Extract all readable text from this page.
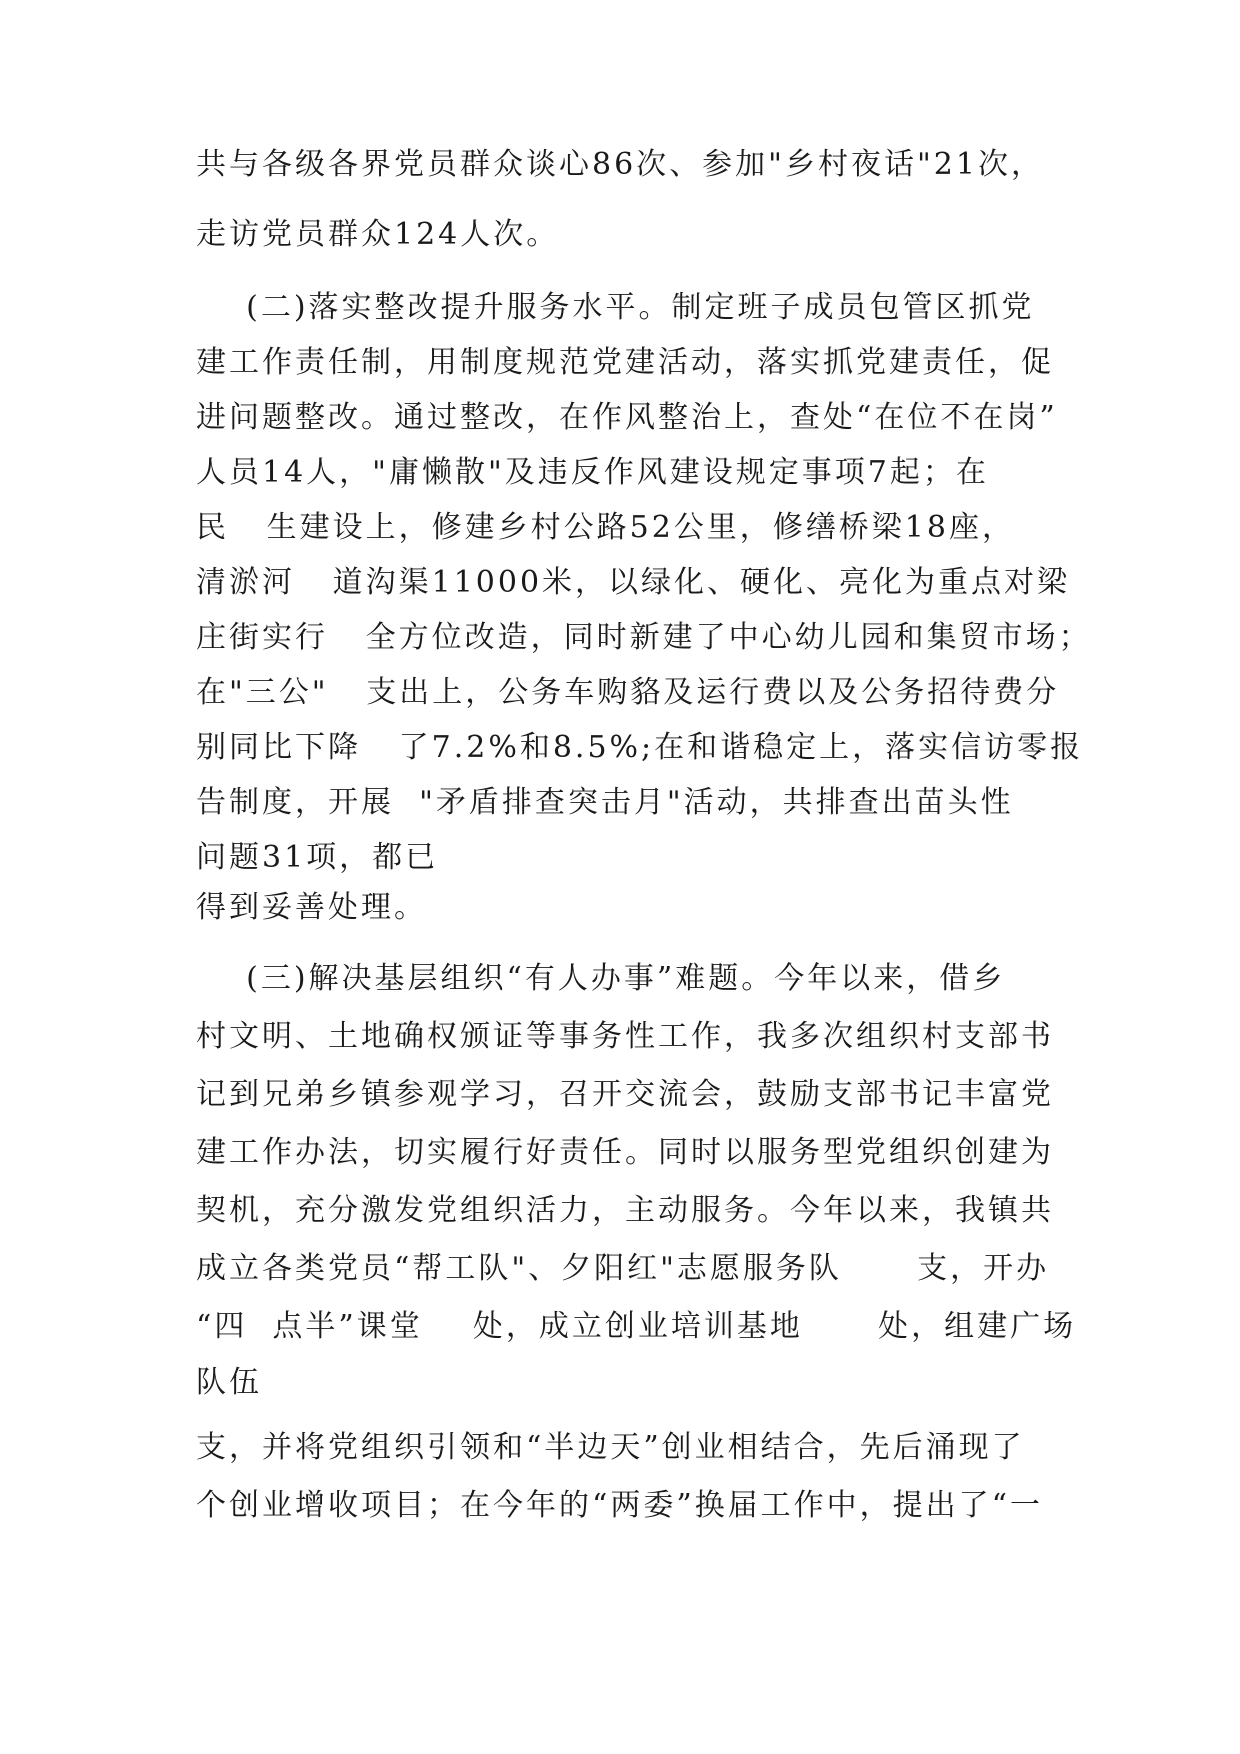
共与各级各界党员群众谈心86次、参加"乡村夜话"21次，
走访党员群众124人次。
(二)落实整改提升服务水平。制定班子成员包管区抓党
建工作责任制，用制度规范党建活动，落实抓党建责任，促
进问题整改。通过整改，在作风整治上，查处“在位不在岗”
人员14人，"庸懒散"及违反作风建设规定事项7起；在
民   生建设上，修建乡村公路52公里，修缮桥梁18座，
清淤河   道沟渠11000米，以绿化、硬化、亮化为重点对梁
庄街实行   全方位改造，同时新建了中心幼儿园和集贸市场；
在"三公"   支出上，公务车购貉及运行费以及公务招待费分
别同比下降   了7.2%和8.5%;在和谐稳定上，落实信访零报
告制度，开展  "矛盾排查突击月"活动，共排查出苗头性
问题31项，都已
得到妥善处理。
(三)解决基层组织“有人办事”难题。今年以来，借乡
村文明、土地确权颁证等事务性工作，我多次组织村支部书
记到兄弟乡镇参观学习，召开交流会，鼓励支部书记丰富党
建工作办法，切实履行好责任。同时以服务型党组织创建为
契机，充分激发党组织活力，主动服务。今年以来，我镇共
成立各类党员“帮工队"、夕阳红"志愿服务队      支，开办
“四  点半”课堂    处，成立创业培训基地      处，组建广场
队伍
支，并将党组织引领和“半边天”创业相结合，先后涌现了
个创业增收项目；在今年的“两委”换届工作中，提出了“一
